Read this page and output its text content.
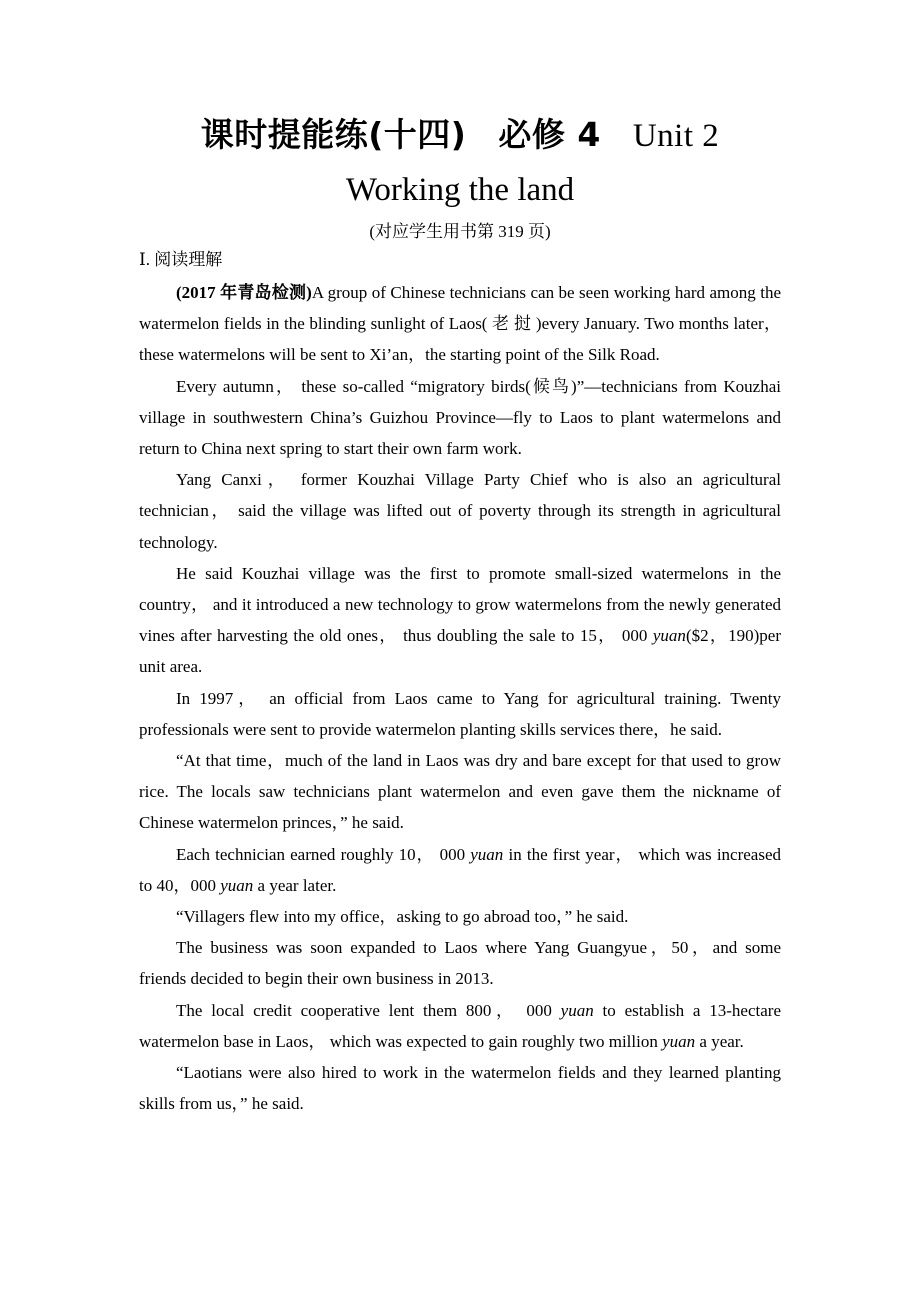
课时提能练(十四) 必修 4 Unit 2
Working the land
(对应学生用书第 319 页)
Ⅰ. 阅读理解

(2017 年青岛检测)A group of Chinese technicians can be seen working hard among the watermelon fields in the blinding sunlight of Laos( 老 挝 )every January. Two months later，these watermelons will be sent to Xi’an，the starting point of the Silk Road.

Every autumn， these so-called “migratory birds(候鸟)”—technicians from Kouzhai village in southwestern China’s Guizhou Province—fly to Laos to plant watermelons and return to China next spring to start their own farm work.

Yang Canxi， former Kouzhai Village Party Chief who is also an agricultural technician， said the village was lifted out of poverty through its strength in agricultural technology.

He said Kouzhai village was the first to promote small-sized watermelons in the country， and it introduced a new technology to grow watermelons from the newly generated vines after harvesting the old ones， thus doubling the sale to 15， 000 yuan($2，190)per unit area.

In 1997， an official from Laos came to Yang for agricultural training. Twenty professionals were sent to provide watermelon planting skills services there，he said.

“At that time，much of the land in Laos was dry and bare except for that used to grow rice. The locals saw technicians plant watermelon and even gave them the nickname of Chinese watermelon princes，” he said.

Each technician earned roughly 10， 000 yuan in the first year， which was increased to 40，000 yuan a year later.

“Villagers flew into my office，asking to go abroad too，” he said.

The business was soon expanded to Laos where Yang Guangyue，50，and some friends decided to begin their own business in 2013.

The local credit cooperative lent them 800， 000 yuan to establish a 13-hectare watermelon base in Laos， which was expected to gain roughly two million yuan a year.

“Laotians were also hired to work in the watermelon fields and they learned planting skills from us，” he said.
